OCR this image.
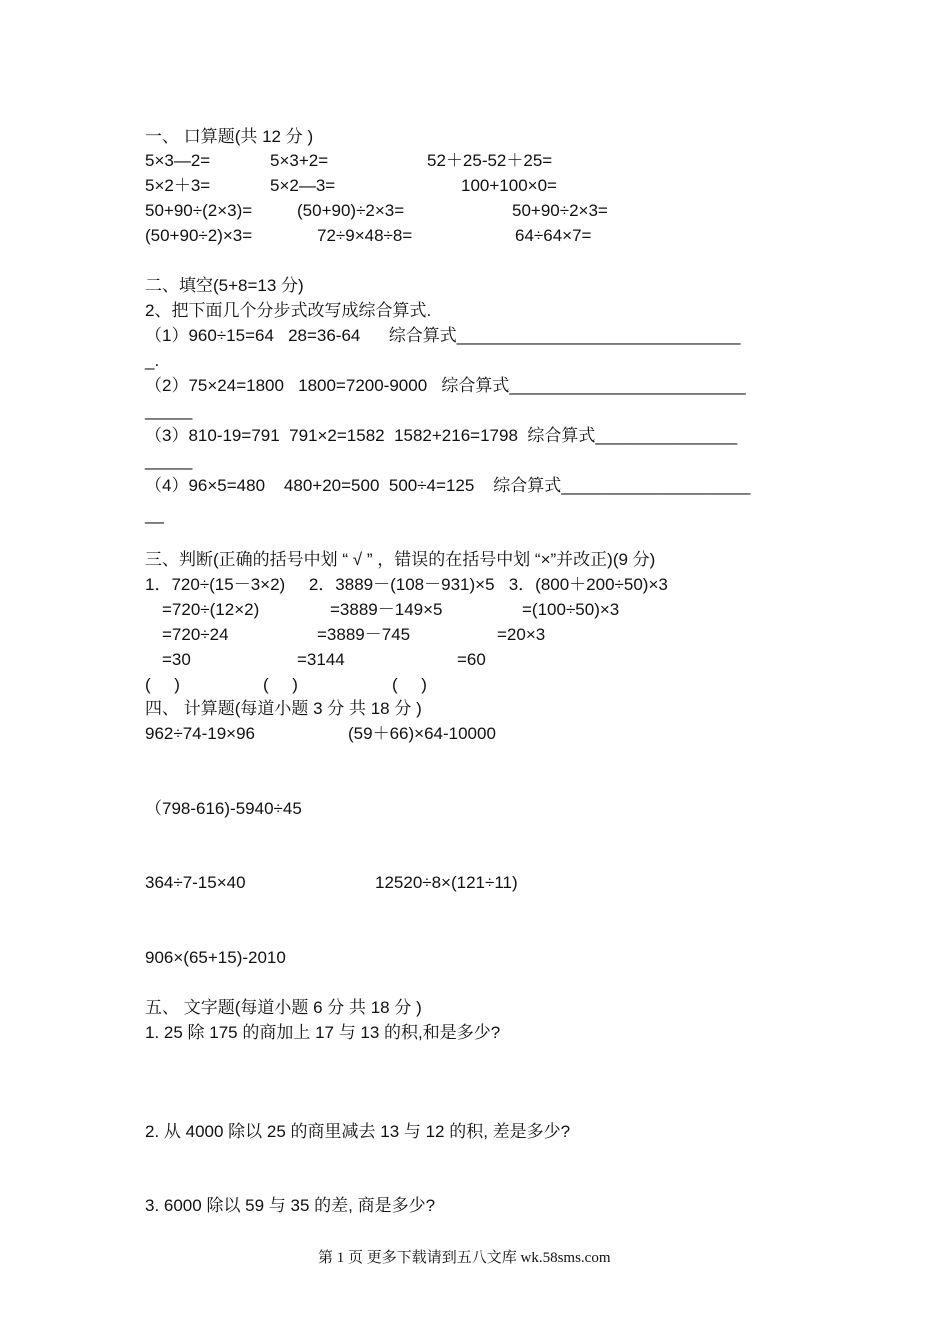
一、 口算题(共 12 分 )
5×3—2=	5×3+2=	52＋25-52＋25=
5×2＋3=	5×2—3=	100+100×0=
50+90÷(2×3)=	(50+90)÷2×3=	50+90÷2×3=
(50+90÷2)×3=	72÷9×48÷8=	64÷64×7=
二、填空(5+8=13 分)
2、把下面几个分步式改写成综合算式.
（1）960÷15=64   28=36-64      综合算式______________________________
_.
（2）75×24=1800   1800=7200-9000   综合算式_________________________
_____
（3）810-19=791  791×2=1582  1582+216=1798  综合算式_______________
_____
（4）96×5=480    480+20=500  500÷4=125    综合算式____________________
__
三、判断(正确的括号中划 “ √ ” ，错误的在括号中划 “×”并改正)(9 分)
1．720÷(15－3×2)     2．3889－(108－931)×5   3．(800＋200÷50)×3
=720÷(12×2)	=3889－149×5	=(100÷50)×3
=720÷24	=3889－745	=20×3
=30	=3144	=60
(     )	(     )	(     )
四、 计算题(每道小题 3 分 共 18 分 )
962÷74-19×96	(59＋66)×64-10000
（798-616)-5940÷45
364÷7-15×40	12520÷8×(121÷11)
906×(65+15)-2010
五、 文字题(每道小题 6 分 共 18 分 )
1. 25 除 175 的商加上 17 与 13 的积,和是多少?
2. 从 4000 除以 25 的商里减去 13 与 12 的积, 差是多少?
3. 6000 除以 59 与 35 的差, 商是多少?
第 1 页 更多下载请到五八文库 wk.58sms.com
